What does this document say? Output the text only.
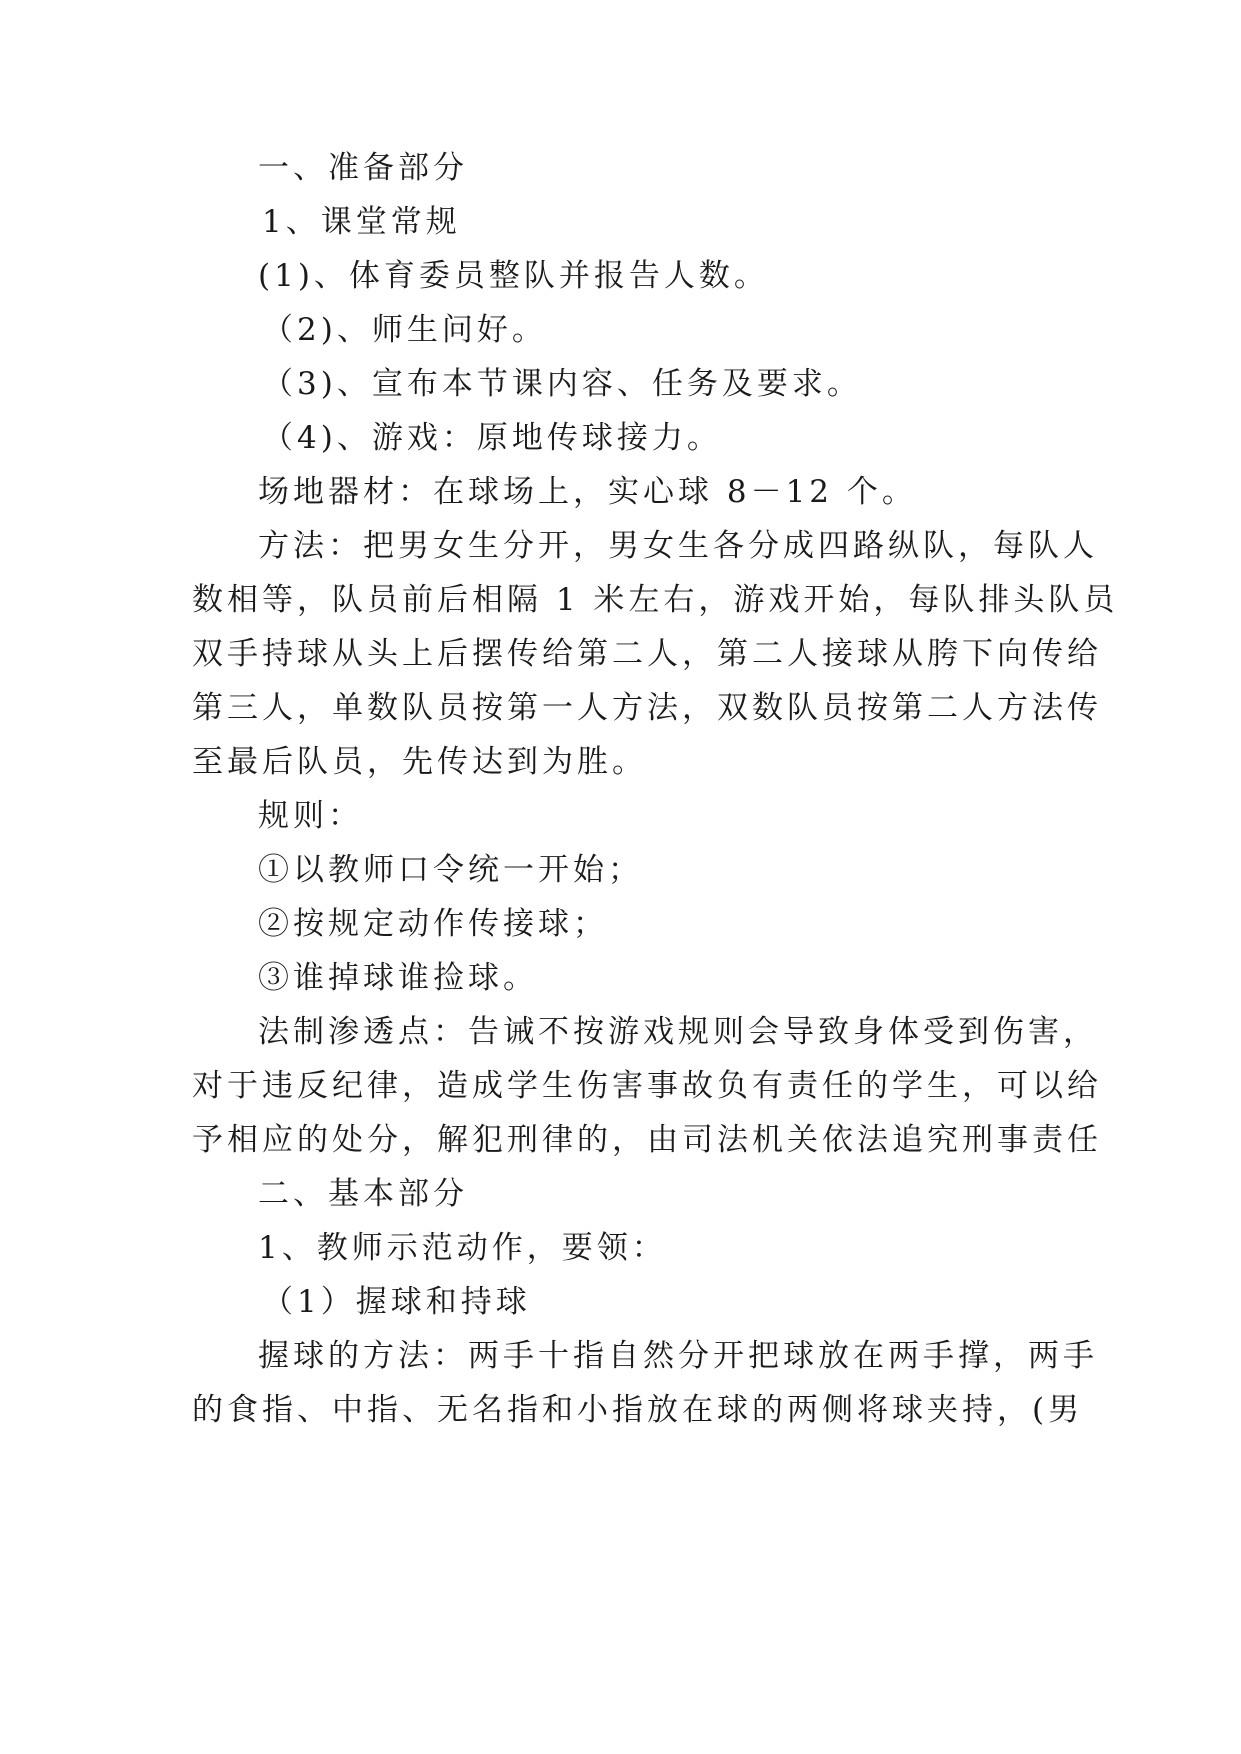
一、准备部分
1、课堂常规
(1)、体育委员整队并报告人数。
（2)、师生问好。
（3)、宣布本节课内容、任务及要求。
（4)、游戏：原地传球接力。
场地器材：在球场上，实心球 8－12 个。
方法：把男女生分开，男女生各分成四路纵队，每队人
数相等，队员前后相隔 1 米左右，游戏开始，每队排头队员
双手持球从头上后摆传给第二人，第二人接球从胯下向传给
第三人，单数队员按第一人方法，双数队员按第二人方法传
至最后队员，先传达到为胜。
规则：
①以教师口令统一开始；
②按规定动作传接球；
③谁掉球谁捡球。
法制渗透点：告诫不按游戏规则会导致身体受到伤害，
对于违反纪律，造成学生伤害事故负有责任的学生，可以给
予相应的处分，解犯刑律的，由司法机关依法追究刑事责任
二、基本部分
1、教师示范动作，要领：
（1）握球和持球
握球的方法：两手十指自然分开把球放在两手撑，两手
的食指、中指、无名指和小指放在球的两侧将球夹持，(男
